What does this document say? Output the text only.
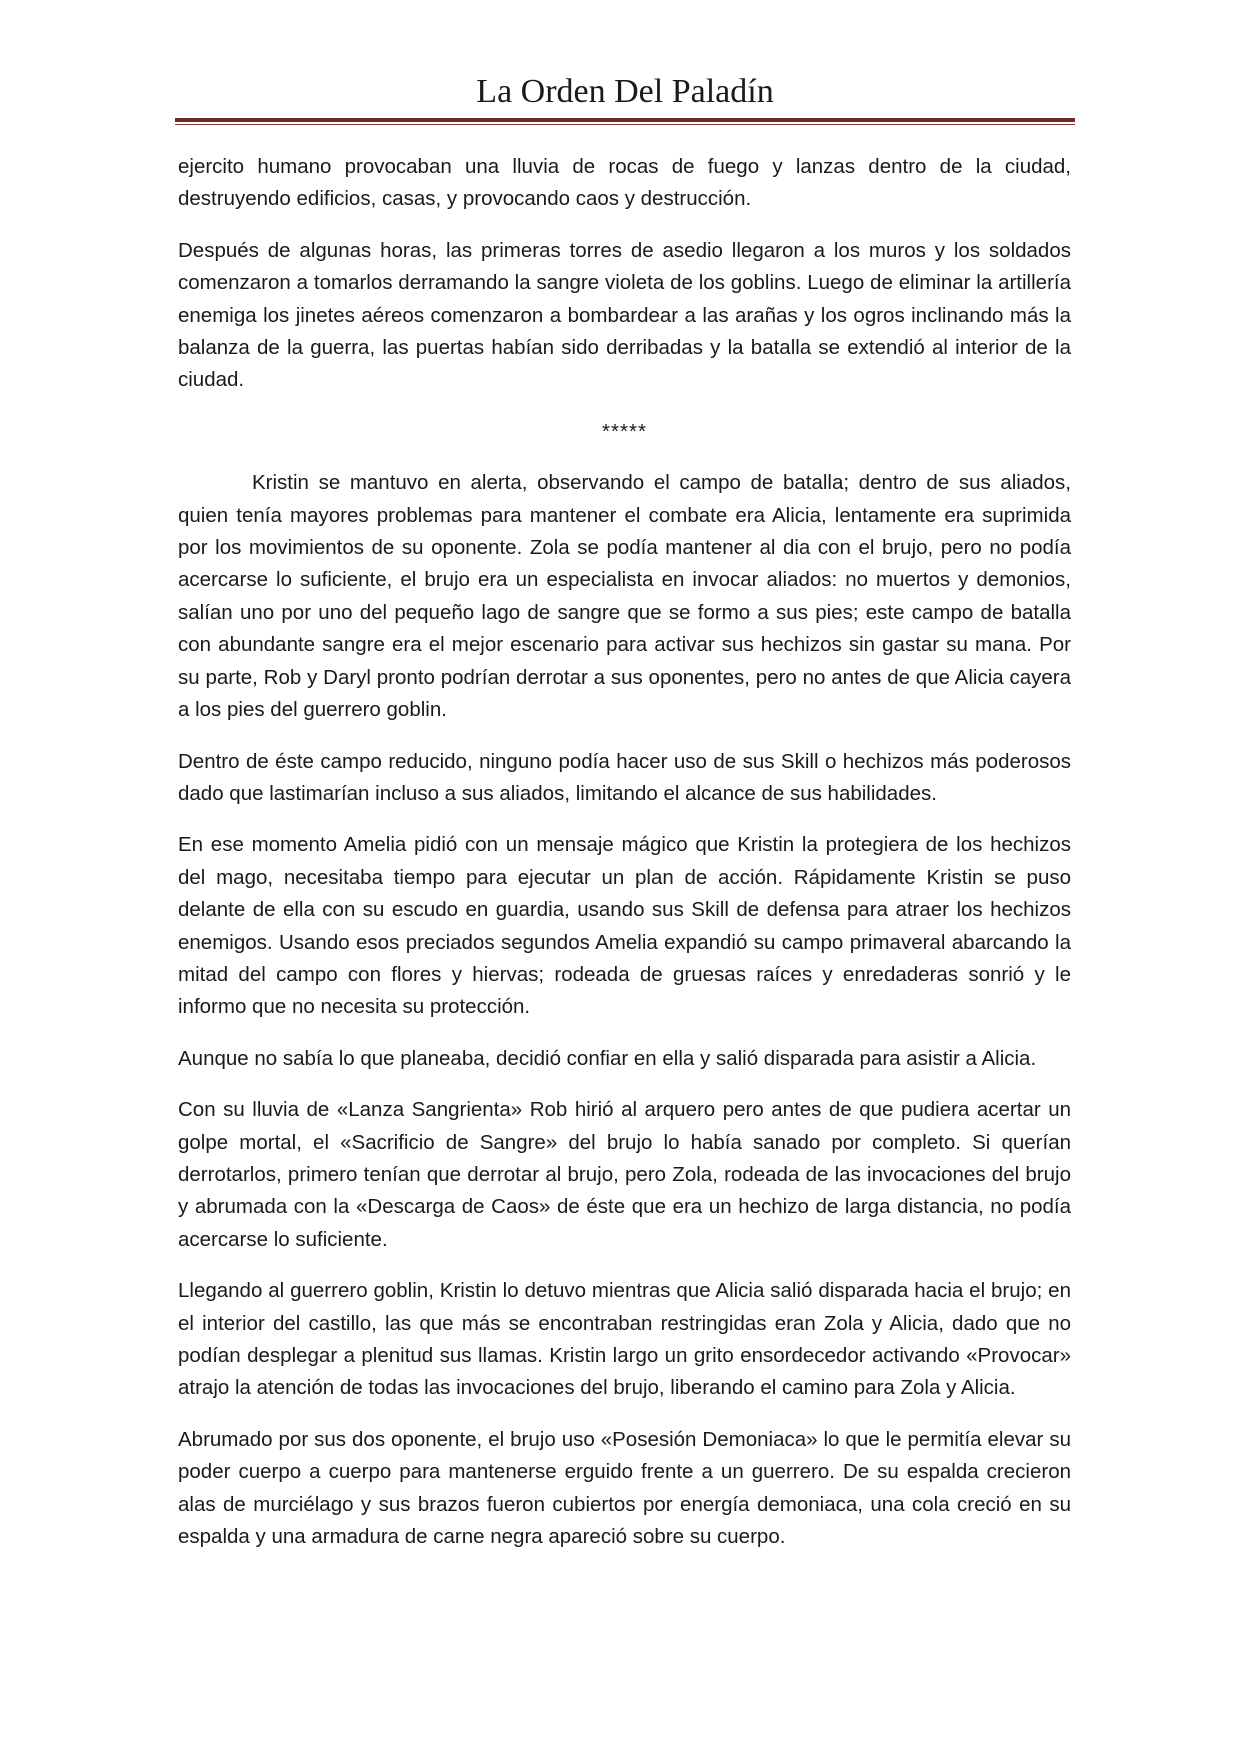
La Orden Del Paladín

ejercito humano provocaban una lluvia de rocas de fuego y lanzas dentro de la ciudad, destruyendo edificios, casas, y provocando caos y destrucción.

Después de algunas horas, las primeras torres de asedio llegaron a los muros y los soldados comenzaron a tomarlos derramando la sangre violeta de los goblins. Luego de eliminar la artillería enemiga los jinetes aéreos comenzaron a bombardear a las arañas y los ogros inclinando más la balanza de la guerra, las puertas habían sido derribadas y la batalla se extendió al interior de la ciudad.

*****

Kristin se mantuvo en alerta, observando el campo de batalla; dentro de sus aliados, quien tenía mayores problemas para mantener el combate era Alicia, lentamente era suprimida por los movimientos de su oponente. Zola se podía mantener al dia con el brujo, pero no podía acercarse lo suficiente, el brujo era un especialista en invocar aliados: no muertos y demonios, salían uno por uno del pequeño lago de sangre que se formo a sus pies; este campo de batalla con abundante sangre era el mejor escenario para activar sus hechizos sin gastar su mana. Por su parte, Rob y Daryl pronto podrían derrotar a sus oponentes, pero no antes de que Alicia cayera a los pies del guerrero goblin.

Dentro de éste campo reducido, ninguno podía hacer uso de sus Skill o hechizos más poderosos dado que lastimarían incluso a sus aliados, limitando el alcance de sus habilidades.

En ese momento Amelia pidió con un mensaje mágico que Kristin la protegiera de los hechizos del mago, necesitaba tiempo para ejecutar un plan de acción. Rápidamente Kristin se puso delante de ella con su escudo en guardia, usando sus Skill de defensa para atraer los hechizos enemigos. Usando esos preciados segundos Amelia expandió su campo primaveral abarcando la mitad del campo con flores y hiervas; rodeada de gruesas raíces y enredaderas sonrió y le informo que no necesita su protección.

Aunque no sabía lo que planeaba, decidió confiar en ella y salió disparada para asistir a Alicia.

Con su lluvia de «Lanza Sangrienta» Rob hirió al arquero pero antes de que pudiera acertar un golpe mortal, el «Sacrificio de Sangre» del brujo lo había sanado por completo. Si querían derrotarlos, primero tenían que derrotar al brujo, pero Zola, rodeada de las invocaciones del brujo y abrumada con la «Descarga de Caos» de éste que era un hechizo de larga distancia, no podía acercarse lo suficiente.

Llegando al guerrero goblin, Kristin lo detuvo mientras que Alicia salió disparada hacia el brujo; en el interior del castillo, las que más se encontraban restringidas eran Zola y Alicia, dado que no podían desplegar a plenitud sus llamas. Kristin largo un grito ensordecedor activando «Provocar» atrajo la atención de todas las invocaciones del brujo, liberando el camino para Zola y Alicia.

Abrumado por sus dos oponente, el brujo uso «Posesión Demoniaca» lo que le permitía elevar su poder cuerpo a cuerpo para mantenerse erguido frente a un guerrero. De su espalda crecieron alas de murciélago y sus brazos fueron cubiertos por energía demoniaca, una cola creció en su espalda y una armadura de carne negra apareció sobre su cuerpo.
